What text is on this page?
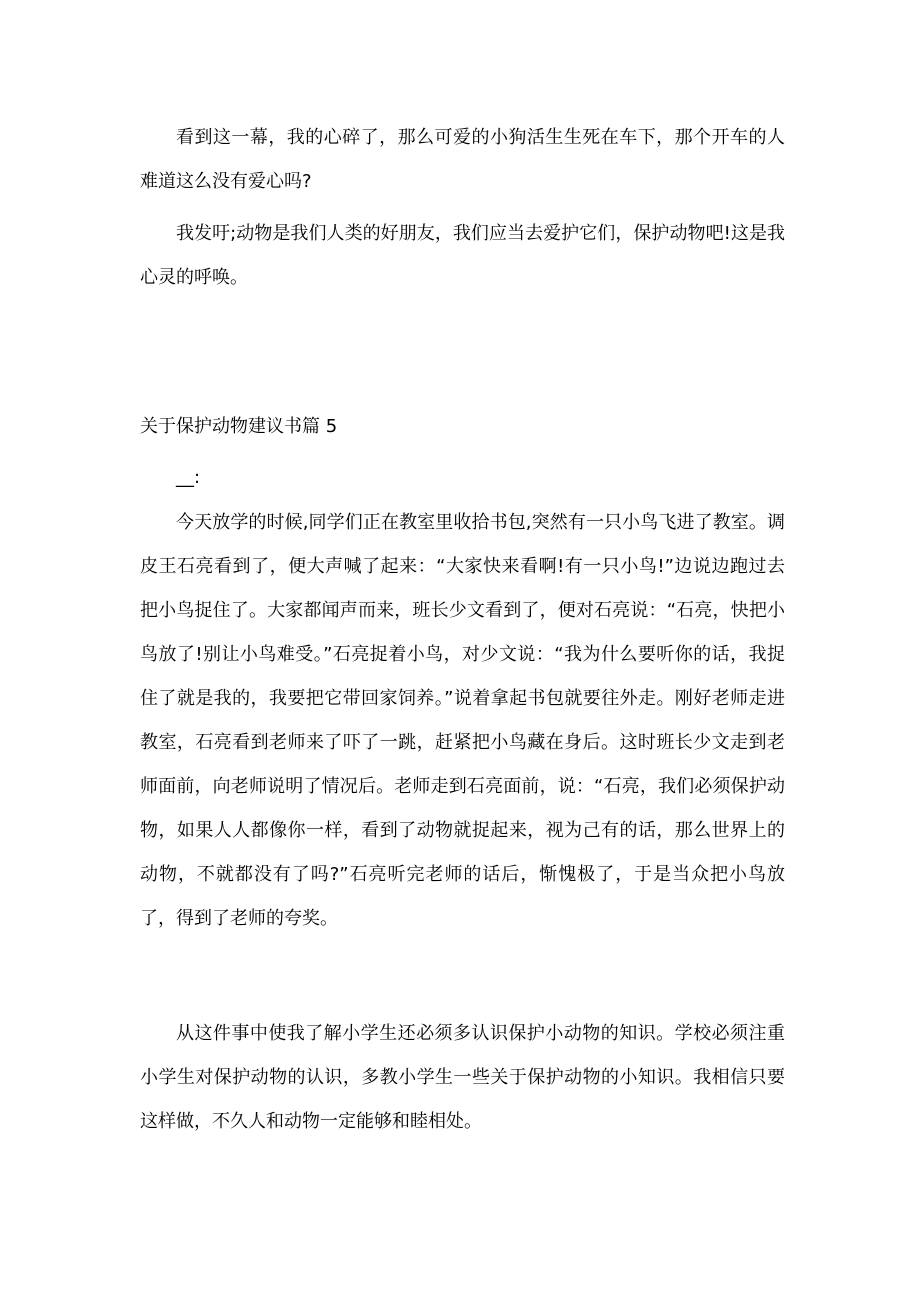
看到这一幕，我的心碎了，那么可爱的小狗活生生死在车下，那个开车的人难道这么没有爱心吗?

我发吁;动物是我们人类的好朋友，我们应当去爱护它们，保护动物吧!这是我心灵的呼唤。

关于保护动物建议书篇 5

__:

今天放学的时候,同学们正在教室里收拾书包,突然有一只小鸟飞进了教室。调皮王石亮看到了，便大声喊了起来：“大家快来看啊!有一只小鸟!”边说边跑过去把小鸟捉住了。大家都闻声而来，班长少文看到了，便对石亮说：“石亮，快把小鸟放了!别让小鸟难受。”石亮捉着小鸟，对少文说：“我为什么要听你的话，我捉住了就是我的，我要把它带回家饲养。”说着拿起书包就要往外走。刚好老师走进教室，石亮看到老师来了吓了一跳，赶紧把小鸟藏在身后。这时班长少文走到老师面前，向老师说明了情况后。老师走到石亮面前，说：“石亮，我们必须保护动物，如果人人都像你一样，看到了动物就捉起来，视为己有的话，那么世界上的动物，不就都没有了吗?”石亮听完老师的话后，惭愧极了，于是当众把小鸟放了，得到了老师的夸奖。

从这件事中使我了解小学生还必须多认识保护小动物的知识。学校必须注重小学生对保护动物的认识，多教小学生一些关于保护动物的小知识。我相信只要这样做，不久人和动物一定能够和睦相处。
